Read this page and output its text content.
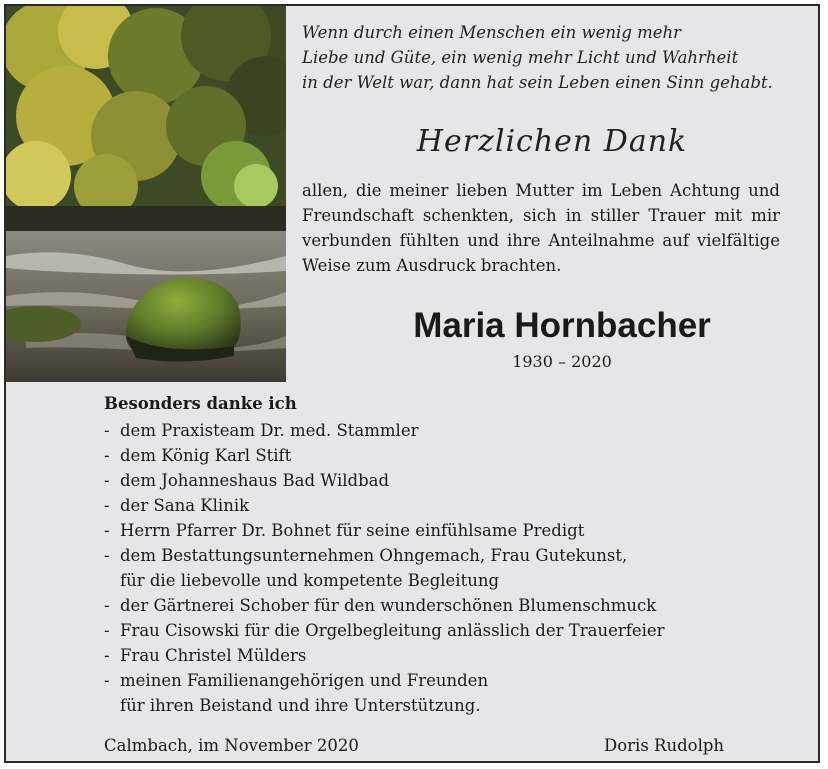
Wenn durch einen Menschen ein wenig mehr
Liebe und Güte, ein wenig mehr Licht und Wahrheit
in der Welt war, dann hat sein Leben einen Sinn gehabt.
Herzlichen Dank
allen, die meiner lieben Mutter im Leben Achtung und
Freundschaft schenkten, sich in stiller Trauer mit mir
verbunden fühlten und ihre Anteilnahme auf vielfältige
Weise zum Ausdruck brachten.
Maria Hornbacher
1930 – 2020
Besonders danke ich
- dem Praxisteam Dr. med. Stammler
- dem König Karl Stift
- dem Johanneshaus Bad Wildbad
- der Sana Klinik
- Herrn Pfarrer Dr. Bohnet für seine einfühlsame Predigt
- dem Bestattungsunternehmen Ohngemach, Frau Gutekunst,
für die liebevolle und kompetente Begleitung
- der Gärtnerei Schober für den wunderschönen Blumenschmuck
- Frau Cisowski für die Orgelbegleitung anlässlich der Trauerfeier
- Frau Christel Mülders
- meinen Familienangehörigen und Freunden
für ihren Beistand und ihre Unterstützung.
Calmbach, im November 2020	Doris Rudolph
